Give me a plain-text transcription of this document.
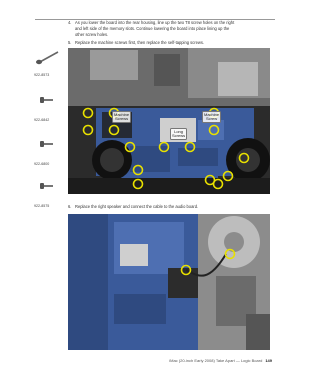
4. As you lower the board into the rear housing, line up the two T8 screw holes on the right
and left side of the memory slots. Continue lowering the board into place lining up the
other screw holes.
5. Replace the machine screws first, then replace the self-tapping screws.
922-8573
922-6842
922-6800
922-8575
Machine
Screws
Long
Screws
Machine
Screw
6. Replace the right speaker and connect the cable to the audio board.
iMac (20-inch Early 2008) Take Apart — Logic Board 149
